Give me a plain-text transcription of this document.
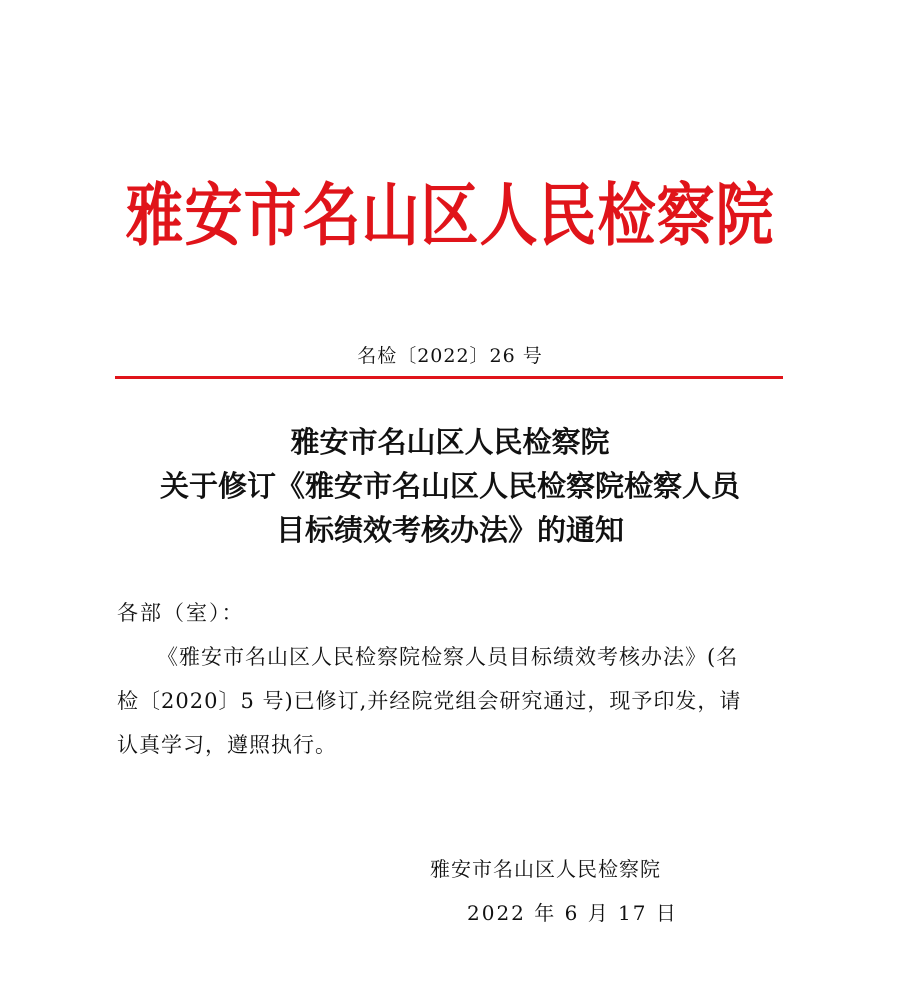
雅安市名山区人民检察院
名检〔2022〕26 号
雅安市名山区人民检察院
关于修订《雅安市名山区人民检察院检察人员
目标绩效考核办法》的通知
各部（室）：
《雅安市名山区人民检察院检察人员目标绩效考核办法》(名
检〔2020〕5 号)已修订,并经院党组会研究通过，现予印发，请
认真学习，遵照执行。
雅安市名山区人民检察院
2022 年 6 月 17 日
